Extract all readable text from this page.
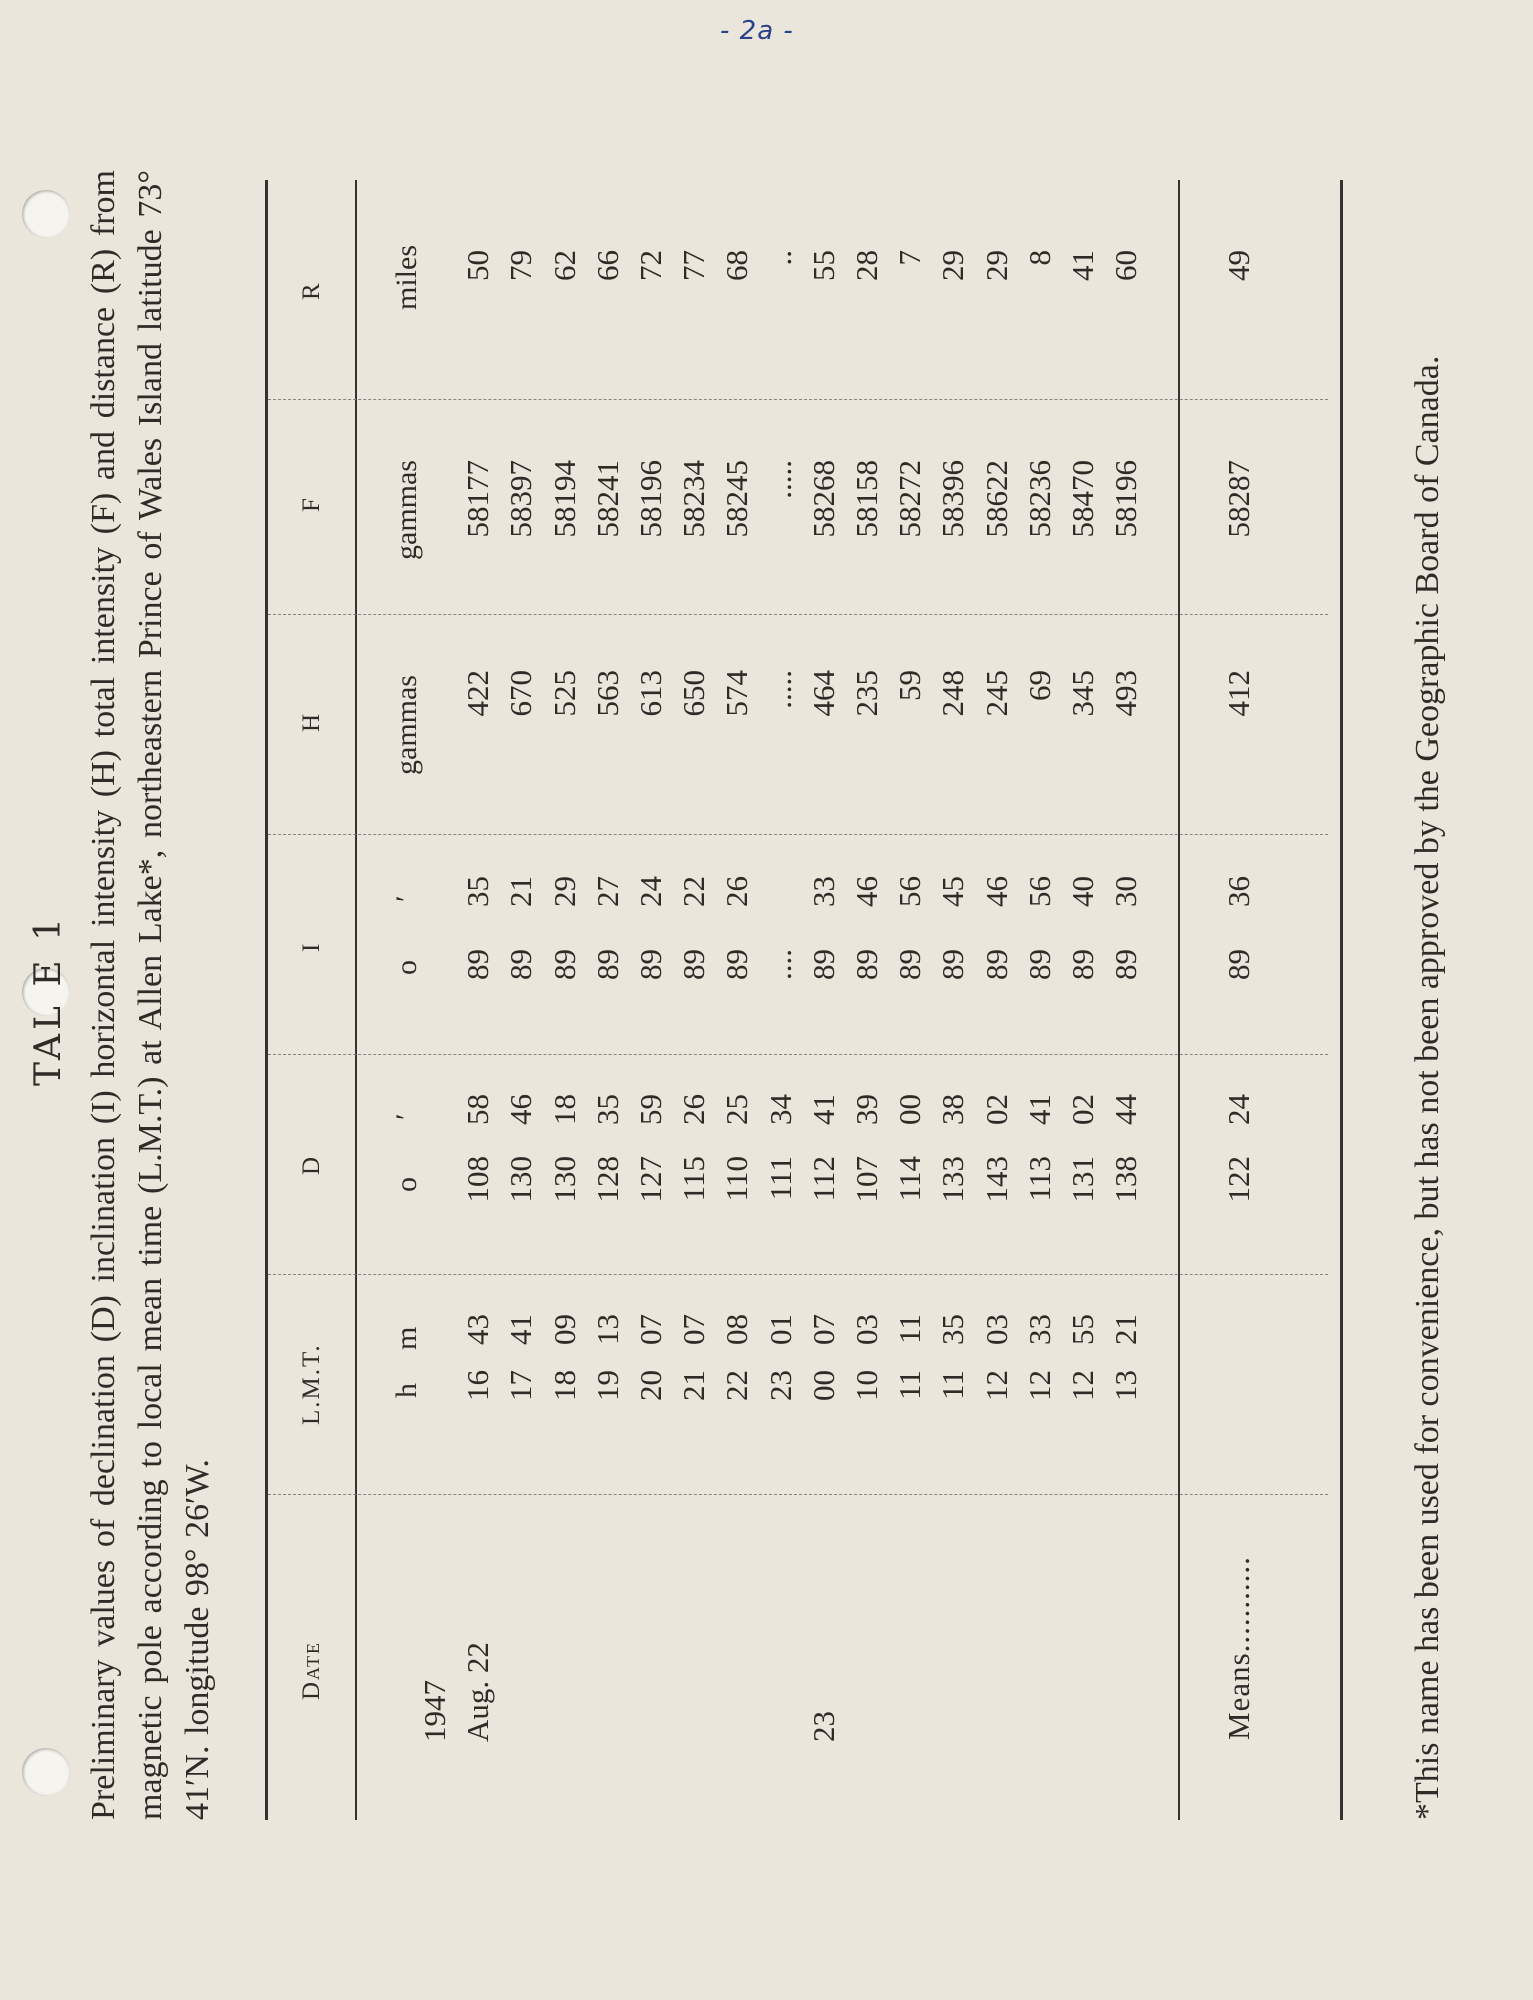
- 2a -
TAL E 1 Preliminary values of declination (D) inclination (I) horizontal intensity (H) total intensity (F) and distance (R) from magnetic pole according to local mean time (L.M.T.) at Allen Lake*, northeastern Prince of Wales Island latitude 73° 41′N. longitude 98° 26′W.	Date
L.M.T.
D
I
H
F
R
h
m
o
′
o
′
gammas
gammas
miles
1947 Aug. 22
16
43
108
58
89
35
422
58177
50
17
41
130
46
89
21
670
58397
79
18
09
130
18
89
29
525
58194
62
19
13
128
35
89
27
563
58241
66
20
07
127
59
89
24
613
58196
72
21
07
115
26
89
22
650
58234
77
22
08
110
25
89
26
574
58245
68
23
01
111
34
....
.....
.....
..
23
00
07
112
41
89
33
464
58268
55
10
03
107
39
89
46
235
58158
28
11
11
114
00
89
56
59
58272
7
11
35
133
38
89
45
248
58396
29
12
03
143
02
89
46
245
58622
29
12
33
113
41
89
56
69
58236
8
12
55
131
02
89
40
345
58470
41
13
21
138
44
89
30
493
58196
60
Means...........
122
24
89
36
412
58287
49
*This name has been used for convenience, but has not been approved by the Geographic Board of Canada.
